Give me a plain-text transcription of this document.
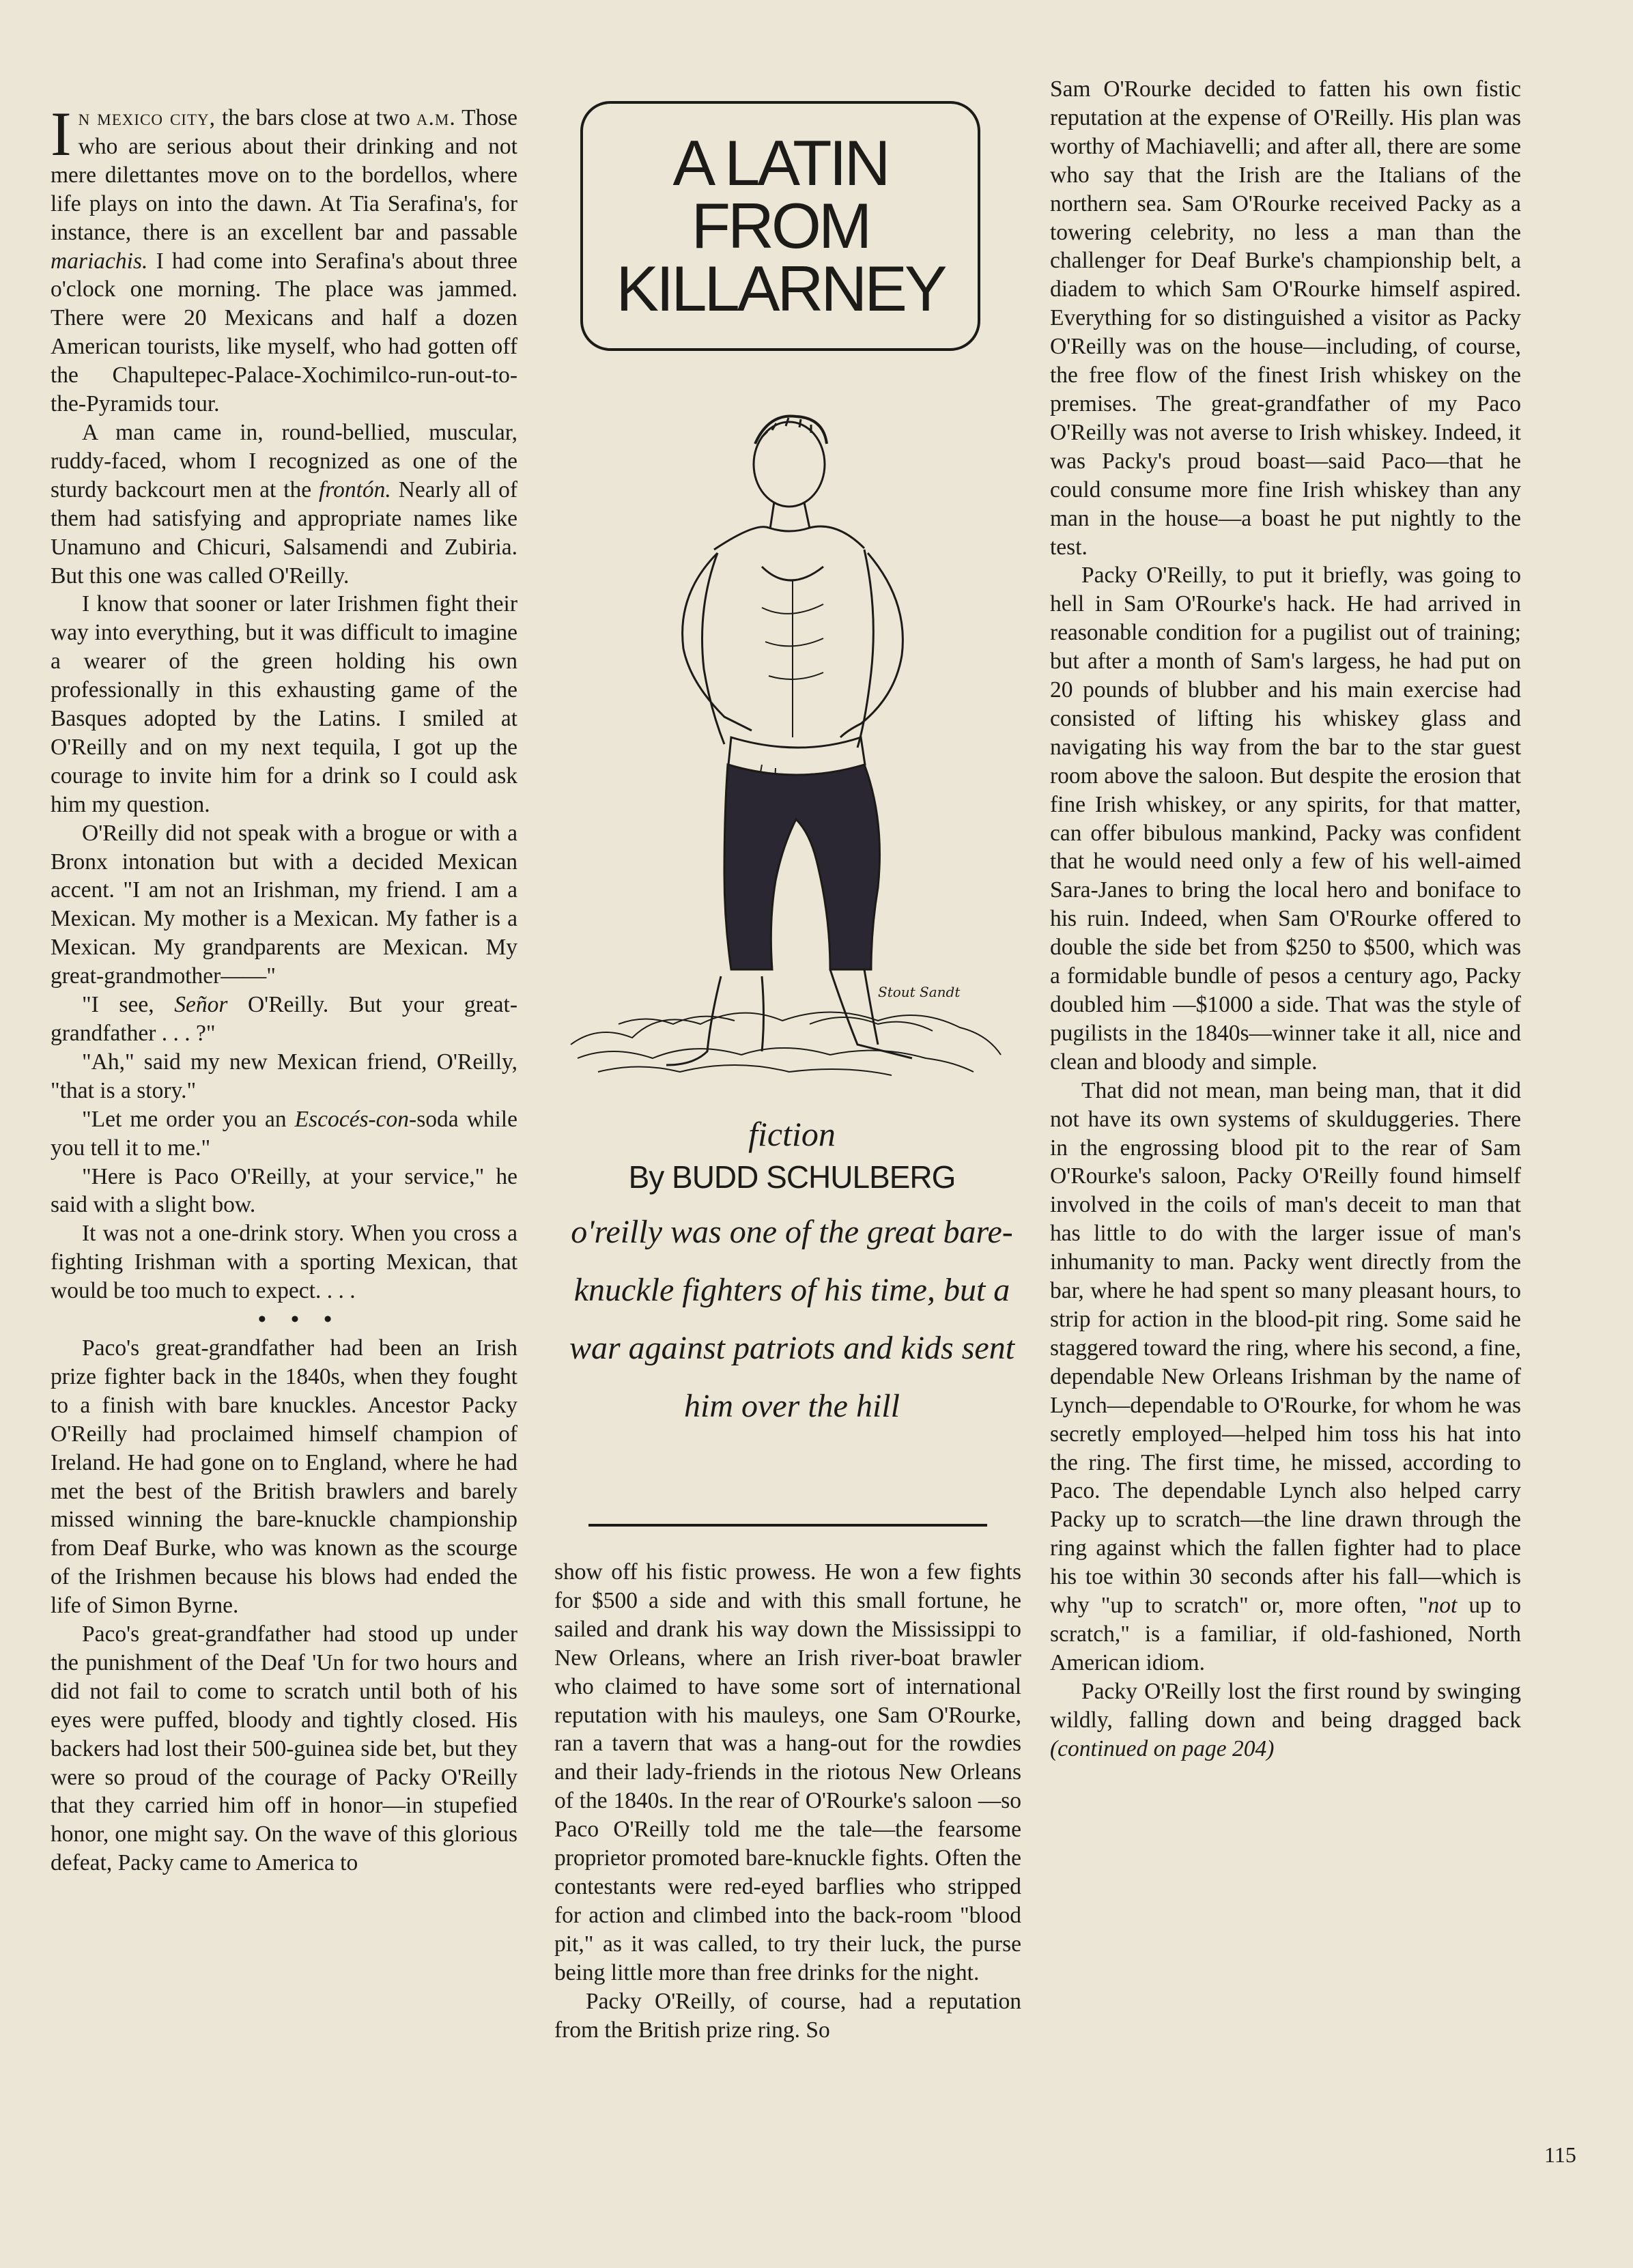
In mexico city, the bars close at two a.m. Those who are serious about their drinking and not mere dilettantes move on to the bordellos, where life plays on into the dawn. At Tia Serafina's, for instance, there is an excellent bar and passable mariachis. I had come into Serafina's about three o'clock one morning. The place was jammed. There were 20 Mexicans and half a dozen American tourists, like myself, who had gotten off the Chapultepec-Palace-Xochimilco-run-out-to-the-Pyramids tour.

A man came in, round-bellied, muscular, ruddy-faced, whom I recognized as one of the sturdy backcourt men at the frontón. Nearly all of them had satisfying and appropriate names like Unamuno and Chicuri, Salsamendi and Zubiria. But this one was called O'Reilly.

I know that sooner or later Irishmen fight their way into everything, but it was difficult to imagine a wearer of the green holding his own professionally in this exhausting game of the Basques adopted by the Latins. I smiled at O'Reilly and on my next tequila, I got up the courage to invite him for a drink so I could ask him my question.

O'Reilly did not speak with a brogue or with a Bronx intonation but with a decided Mexican accent. "I am not an Irishman, my friend. I am a Mexican. My mother is a Mexican. My father is a Mexican. My grandparents are Mexican. My great-grandmother——"

"I see, Señor O'Reilly. But your great-grandfather . . . ?"

"Ah," said my new Mexican friend, O'Reilly, "that is a story."

"Let me order you an Escocés-con-soda while you tell it to me."

"Here is Paco O'Reilly, at your service," he said with a slight bow.

It was not a one-drink story. When you cross a fighting Irishman with a sporting Mexican, that would be too much to expect. . . .

• • •

Paco's great-grandfather had been an Irish prize fighter back in the 1840s, when they fought to a finish with bare knuckles. Ancestor Packy O'Reilly had proclaimed himself champion of Ireland. He had gone on to England, where he had met the best of the British brawlers and barely missed winning the bare-knuckle championship from Deaf Burke, who was known as the scourge of the Irishmen because his blows had ended the life of Simon Byrne.

Paco's great-grandfather had stood up under the punishment of the Deaf 'Un for two hours and did not fail to come to scratch until both of his eyes were puffed, bloody and tightly closed. His backers had lost their 500-guinea side bet, but they were so proud of the courage of Packy O'Reilly that they carried him off in honor—in stupefied honor, one might say. On the wave of this glorious defeat, Packy came to America to

A LATIN
FROM
KILLARNEY
Stout Sandt
fiction
By BUDD SCHULBERG
o'reilly was one of the great bare-knuckle fighters of his time, but a war against patriots and kids sent him over the hill

show off his fistic prowess. He won a few fights for $500 a side and with this small fortune, he sailed and drank his way down the Mississippi to New Orleans, where an Irish river-boat brawler who claimed to have some sort of international reputation with his mauleys, one Sam O'Rourke, ran a tavern that was a hang-out for the rowdies and their lady-friends in the riotous New Orleans of the 1840s. In the rear of O'Rourke's saloon —so Paco O'Reilly told me the tale—the fearsome proprietor promoted bare-knuckle fights. Often the contestants were red-eyed barflies who stripped for action and climbed into the back-room "blood pit," as it was called, to try their luck, the purse being little more than free drinks for the night.

Packy O'Reilly, of course, had a reputation from the British prize ring. So

Sam O'Rourke decided to fatten his own fistic reputation at the expense of O'Reilly. His plan was worthy of Machiavelli; and after all, there are some who say that the Irish are the Italians of the northern sea. Sam O'Rourke received Packy as a towering celebrity, no less a man than the challenger for Deaf Burke's championship belt, a diadem to which Sam O'Rourke himself aspired. Everything for so distinguished a visitor as Packy O'Reilly was on the house—including, of course, the free flow of the finest Irish whiskey on the premises. The great-grandfather of my Paco O'Reilly was not averse to Irish whiskey. Indeed, it was Packy's proud boast—said Paco—that he could consume more fine Irish whiskey than any man in the house—a boast he put nightly to the test.

Packy O'Reilly, to put it briefly, was going to hell in Sam O'Rourke's hack. He had arrived in reasonable condition for a pugilist out of training; but after a month of Sam's largess, he had put on 20 pounds of blubber and his main exercise had consisted of lifting his whiskey glass and navigating his way from the bar to the star guest room above the saloon. But despite the erosion that fine Irish whiskey, or any spirits, for that matter, can offer bibulous mankind, Packy was confident that he would need only a few of his well-aimed Sara-Janes to bring the local hero and boniface to his ruin. Indeed, when Sam O'Rourke offered to double the side bet from $250 to $500, which was a formidable bundle of pesos a century ago, Packy doubled him —$1000 a side. That was the style of pugilists in the 1840s—winner take it all, nice and clean and bloody and simple.

That did not mean, man being man, that it did not have its own systems of skulduggeries. There in the engrossing blood pit to the rear of Sam O'Rourke's saloon, Packy O'Reilly found himself involved in the coils of man's deceit to man that has little to do with the larger issue of man's inhumanity to man. Packy went directly from the bar, where he had spent so many pleasant hours, to strip for action in the blood-pit ring. Some said he staggered toward the ring, where his second, a fine, dependable New Orleans Irishman by the name of Lynch—dependable to O'Rourke, for whom he was secretly employed—helped him toss his hat into the ring. The first time, he missed, according to Paco. The dependable Lynch also helped carry Packy up to scratch—the line drawn through the ring against which the fallen fighter had to place his toe within 30 seconds after his fall—which is why "up to scratch" or, more often, "not up to scratch," is a familiar, if old-fashioned, North American idiom.

Packy O'Reilly lost the first round by swinging wildly, falling down and being dragged back (continued on page 204)

115
